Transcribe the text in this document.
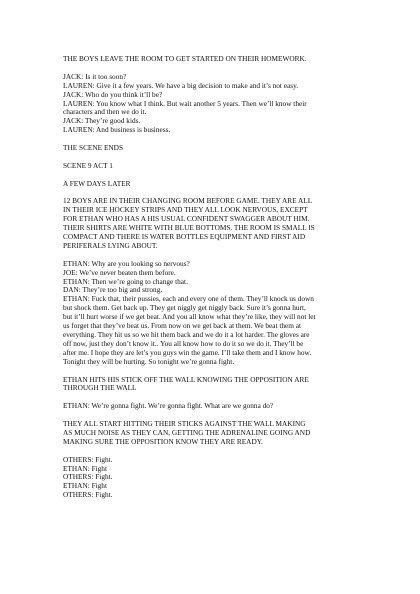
THE BOYS LEAVE THE ROOM TO GET STARTED ON THEIR HOMEWORK.
JACK: Is it too soon?
LAUREN: Give it a few years. We have a big decision to make and it’s not easy.
JACK: Who do you think it’ll be?
LAUREN: You know what I think. But wait another 5 years. Then we’ll know their
characters and then we do it.
JACK: They’re good kids.
LAUREN: And business is business.
THE SCENE ENDS
SCENE 9 ACT 1
A FEW DAYS LATER
12 BOYS ARE IN THEIR CHANGING ROOM BEFORE GAME. THEY ARE ALL
IN THEIR ICE HOCKEY STRIPS AND THEY ALL LOOK NERVOUS, EXCEPT
FOR ETHAN WHO HAS A HIS USUAL CONFIDENT SWAGGER ABOUT HIM.
THEIR SHIRTS ARE WHITE WITH BLUE BOTTOMS. THE ROOM IS SMALL IS
COMPACT AND THERE IS WATER BOTTLES EQUIPMENT AND FIRST AID
PERIFERALS LYING ABOUT.
ETHAN: Why are you looking so nervous?
JOE: We’ve never beaten them before.
ETHAN: Then we’re going to change that.
DAN: They’re too big and strong.
ETHAN: Fuck that, their pussies, each and every one of them. They’ll knock us down
but shock them. Get back up. They get niggly get niggly back. Sure it’s gonna hurt,
but it’ll hurt worse if we get beat. And you all know what they’re like, they will not let
us forget that they’ve beat us. From now on we get back at them. We beat them at
everything. They hit us so we hit them back and we do it a lot harder. The gloves are
off now, just they don’t know it.. You all know how to do it so we do it. They’ll be
after me. I hope they are let’s you guys win the game. I’ll take them and I know how.
Tonight they will be hurting. So tonight we’re gonna fight.
ETHAN HITS HIS STICK OFF THE WALL KNOWING THE OPPOSITION ARE
THROUGH THE WALL
ETHAN: We’re gonna fight. We’re gonna fight. What are we gonna do?
THEY ALL START HITTING THEIR STICKS AGAINST THE WALL MAKING
AS MUCH NOISE AS THEY CAN, GETTING THE ADRENALINE GOING AND
MAKING SURE THE OPPOSITION KNOW THEY ARE READY.
OTHERS: Fight.
ETHAN: Fight
OTHERS: Fight.
ETHAN: Fight
OTHERS: Fight.
